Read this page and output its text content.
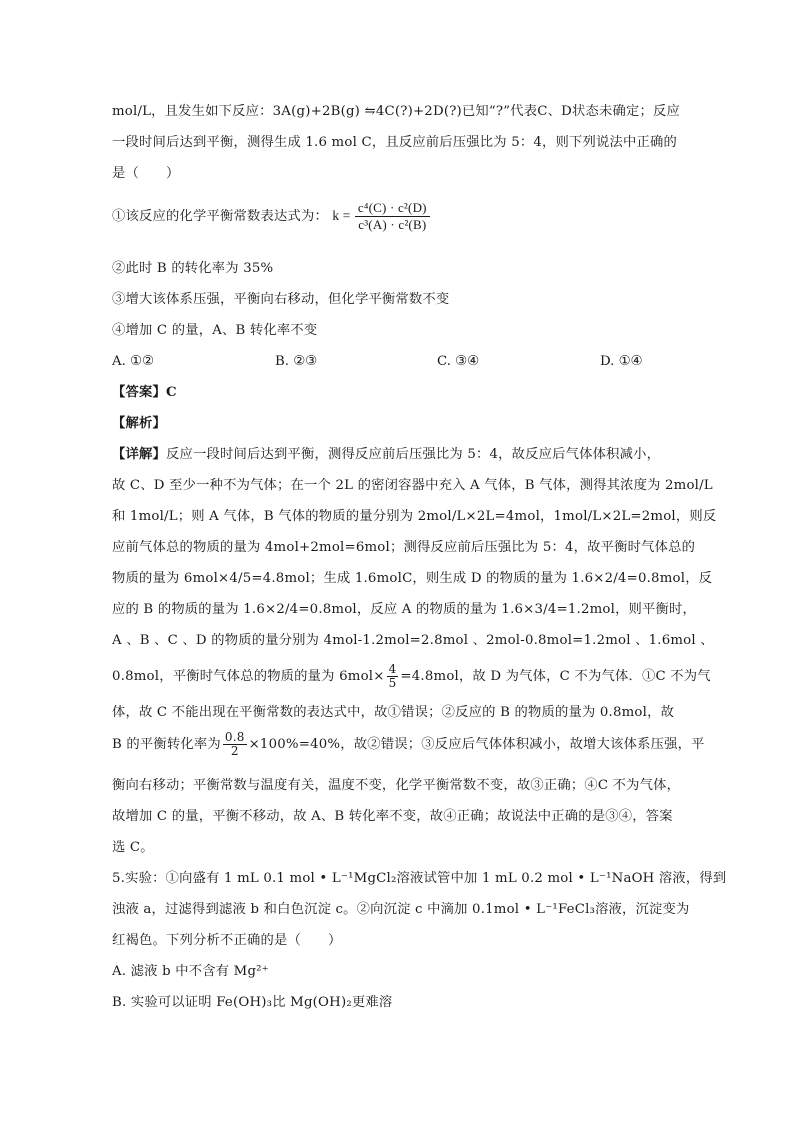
mol/L，且发生如下反应：3A(g)+2B(g) ⇋4C(?)+2D(?)已知“?”代表C、D状态未确定；反应
一段时间后达到平衡，测得生成 1.6 mol C，且反应前后压强比为 5：4，则下列说法中正确的
是（　　）
①该反应的化学平衡常数表达式为： $k = \frac{\text{c⁴(C) · c²(D)}}{\text{c³(A) · c²(B)}}$
②此时 B 的转化率为 35%
③增大该体系压强，平衡向右移动，但化学平衡常数不变
④增加 C 的量，A、B 转化率不变
A. ①②	B. ②③	C. ③④	D. ①④
【答案】C
【解析】
【详解】反应一段时间后达到平衡，测得反应前后压强比为 5：4，故反应后气体体积减小，
故 C、D 至少一种不为气体；在一个 2L 的密闭容器中充入 A 气体，B 气体，测得其浓度为 2mol/L
和 1mol/L；则 A 气体，B 气体的物质的量分别为 2mol/L×2L=4mol，1mol/L×2L=2mol，则反
应前气体总的物质的量为 4mol+2mol=6mol；测得反应前后压强比为 5：4，故平衡时气体总的
物质的量为 6mol×4/5=4.8mol；生成 1.6molC，则生成 D 的物质的量为 1.6×2/4=0.8mol，反
应的 B 的物质的量为 1.6×2/4=0.8mol，反应 A 的物质的量为 1.6×3/4=1.2mol，则平衡时，
A 、B 、C 、D 的物质的量分别为 4mol-1.2mol=2.8mol 、2mol-0.8mol=1.2mol 、1.6mol 、
0.8mol，平衡时气体总的物质的量为 $6mol\times \frac{4}{5} =4.8mol$，故 D 为气体，C 不为气体．①C 不为气
体，故 C 不能出现在平衡常数的表达式中，故①错误；②反应的 B 的物质的量为 0.8mol，故
B 的平衡转化率为 $\frac{0.8}{2} \times 100\%=40\%$，故②错误；③反应后气体体积减小，故增大该体系压强，平
衡向右移动；平衡常数与温度有关，温度不变，化学平衡常数不变，故③正确；④C 不为气体，
故增加 C 的量，平衡不移动，故 A、B 转化率不变，故④正确；故说法中正确的是③④，答案
选 C。
5.实验：①向盛有 1 mL 0.1 mol • L⁻¹MgCl₂溶液试管中加 1 mL 0.2 mol • L⁻¹NaOH 溶液，得到
浊液 a，过滤得到滤液 b 和白色沉淀 c。②向沉淀 c 中滴加 0.1mol • L⁻¹FeCl₃溶液，沉淀变为
红褐色。下列分析不正确的是（　　）
A. 滤液 b 中不含有 Mg²⁺
B. 实验可以证明 Fe(OH)₃比 Mg(OH)₂更难溶
